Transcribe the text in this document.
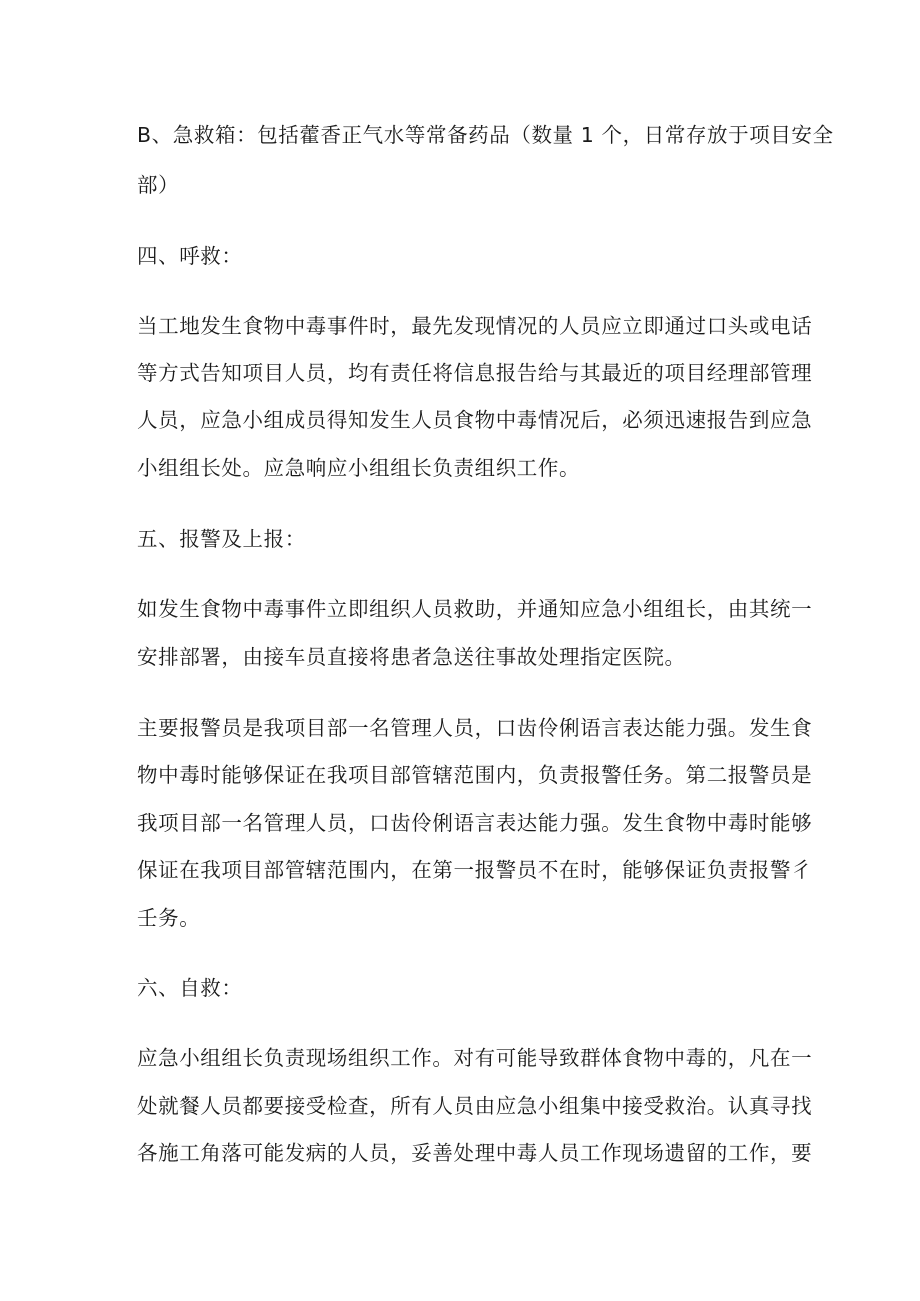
B、急救箱：包括藿香正气水等常备药品（数量 1 个，日常存放于项目安全
部）
四、呼救：
当工地发生食物中毒事件时，最先发现情况的人员应立即通过口头或电话
等方式告知项目人员，均有责任将信息报告给与其最近的项目经理部管理
人员，应急小组成员得知发生人员食物中毒情况后，必须迅速报告到应急
小组组长处。应急响应小组组长负责组织工作。
五、报警及上报：
如发生食物中毒事件立即组织人员救助，并通知应急小组组长，由其统一
安排部署，由接车员直接将患者急送往事故处理指定医院。
主要报警员是我项目部一名管理人员，口齿伶俐语言表达能力强。发生食
物中毒时能够保证在我项目部管辖范围内，负责报警任务。第二报警员是
我项目部一名管理人员，口齿伶俐语言表达能力强。发生食物中毒时能够
保证在我项目部管辖范围内，在第一报警员不在时，能够保证负责报警彳
壬务。
六、自救：
应急小组组长负责现场组织工作。对有可能导致群体食物中毒的，凡在一
处就餐人员都要接受检查，所有人员由应急小组集中接受救治。认真寻找
各施工角落可能发病的人员，妥善处理中毒人员工作现场遗留的工作，要
